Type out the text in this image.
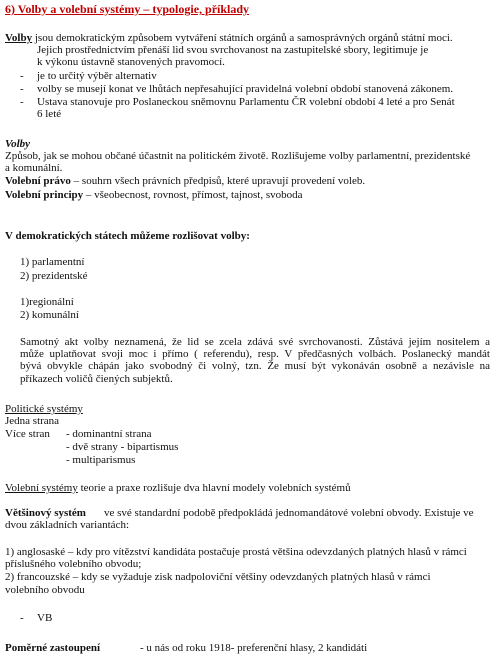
6) Volby a volební systémy – typologie, příklady
Volby jsou demokratickým způsobem vytváření státních orgánů a samosprávných orgánů státní moci.
Jejich prostřednictvím přenáší lid svou svrchovanost na zastupitelské sbory, legitimuje je
k výkonu ústavně stanovených pravomocí.
- je to určitý výběr alternativ
- volby se musejí konat ve lhůtách nepřesahující pravidelná volební období stanovená zákonem.
- Ustava stanovuje pro Poslaneckou sněmovnu Parlamentu ČR volební období 4 leté a pro Senát
6 leté
Volby
Způsob, jak se mohou občané účastnit na politickém životě. Rozlišujeme volby parlamentní, prezidentské
a komunální.
Volební právo – souhrn všech právních předpisů, které upravují provedení voleb.
Volební principy – všeobecnost, rovnost, přímost, tajnost, svoboda
V demokratických státech můžeme rozlišovat volby:
1) parlamentní
2) prezidentské
1)regionální
2) komunální
Samotný akt volby neznamená, že lid se zcela zdává své svrchovanosti. Zůstává jejím nositelem a
může uplatňovat svoji moc i přímo ( referendu), resp. V předčasných volbách. Poslanecký mandát
bývá obvykle chápán jako svobodný či volný, tzn. Že musí být vykonáván osobně a nezávisle na
příkazech voličů čiených subjektů.
Politické systémy
Jedna strana
Více stran - dominantní strana
- dvě strany - bipartismus
- multiparismus
Volební systémy teorie a praxe rozlišuje dva hlavní modely volebních systémů
Většinový systém ve své standardní podobě předpokládá jednomandátové volební obvody. Existuje ve
dvou základních variantách:
1) anglosaské – kdy pro vítězství kandidáta postačuje prostá většina odevzdaných platných hlasů v rámci
příslušného volebního obvodu;
2) francouzské – kdy se vyžaduje zisk nadpoloviční většiny odevzdaných platných hlasů v rámci
volebního obvodu
- VB
Poměrné zastoupení	- u nás od roku 1918- preferenční hlasy, 2 kandidáti
